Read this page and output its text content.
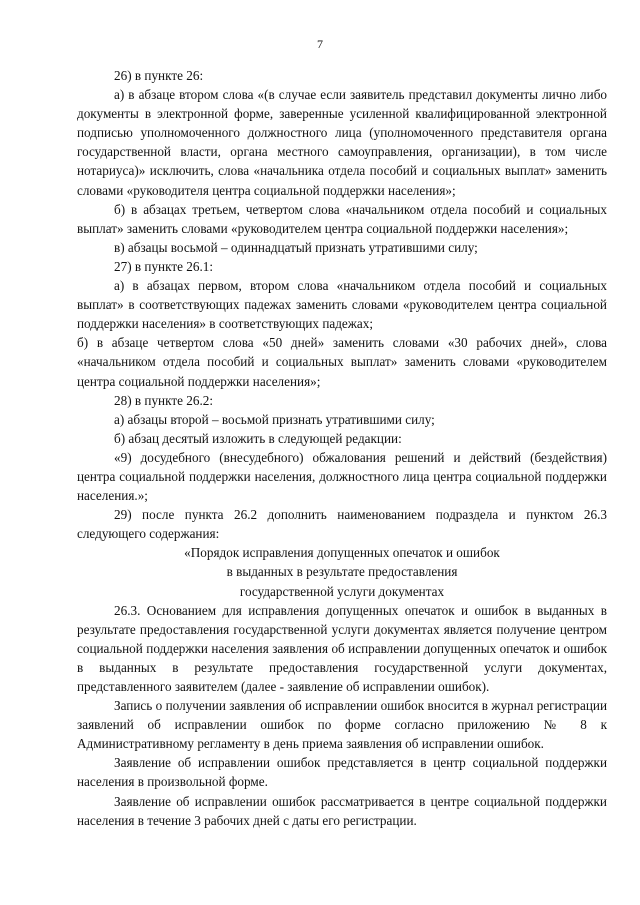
7

26) в пункте 26:

а) в абзаце втором слова «(в случае если заявитель представил документы лично либо документы в электронной форме, заверенные усиленной квалифицированной электронной подписью уполномоченного должностного лица (уполномоченного представителя органа государственной власти, органа местного самоуправления, организации), в том числе нотариуса)» исключить, слова «начальника отдела пособий и социальных выплат» заменить словами «руководителя центра социальной поддержки населения»;

б) в абзацах третьем, четвертом слова «начальником отдела пособий и социальных выплат» заменить словами «руководителем центра социальной поддержки населения»;

в) абзацы восьмой – одиннадцатый признать утратившими силу;

27) в пункте 26.1:

а) в абзацах первом, втором слова «начальником отдела пособий и социальных выплат» в соответствующих падежах заменить словами «руководителем центра социальной поддержки населения» в соответствующих падежах;

б) в абзаце четвертом слова «50 дней» заменить словами «30 рабочих дней», слова «начальником отдела пособий и социальных выплат» заменить словами «руководителем центра социальной поддержки населения»;

28) в пункте 26.2:

а) абзацы второй – восьмой признать утратившими силу;

б) абзац десятый изложить в следующей редакции:

«9) досудебного (внесудебного) обжалования решений и действий (бездействия) центра социальной поддержки населения, должностного лица центра социальной поддержки населения.»;

29) после пункта 26.2 дополнить наименованием подраздела и пунктом 26.3 следующего содержания:

«Порядок исправления допущенных опечаток и ошибок

в выданных в результате предоставления

государственной услуги документах

26.3. Основанием для исправления допущенных опечаток и ошибок в выданных в результате предоставления государственной услуги документах является получение центром социальной поддержки населения заявления об исправлении допущенных опечаток и ошибок в выданных в результате предоставления государственной услуги документах, представленного заявителем (далее - заявление об исправлении ошибок).

Запись о получении заявления об исправлении ошибок вносится в журнал регистрации заявлений об исправлении ошибок по форме согласно приложению № 8 к Административному регламенту в день приема заявления об исправлении ошибок.

Заявление об исправлении ошибок представляется в центр социальной поддержки населения в произвольной форме.

Заявление об исправлении ошибок рассматривается в центре социальной поддержки населения в течение 3 рабочих дней с даты его регистрации.
